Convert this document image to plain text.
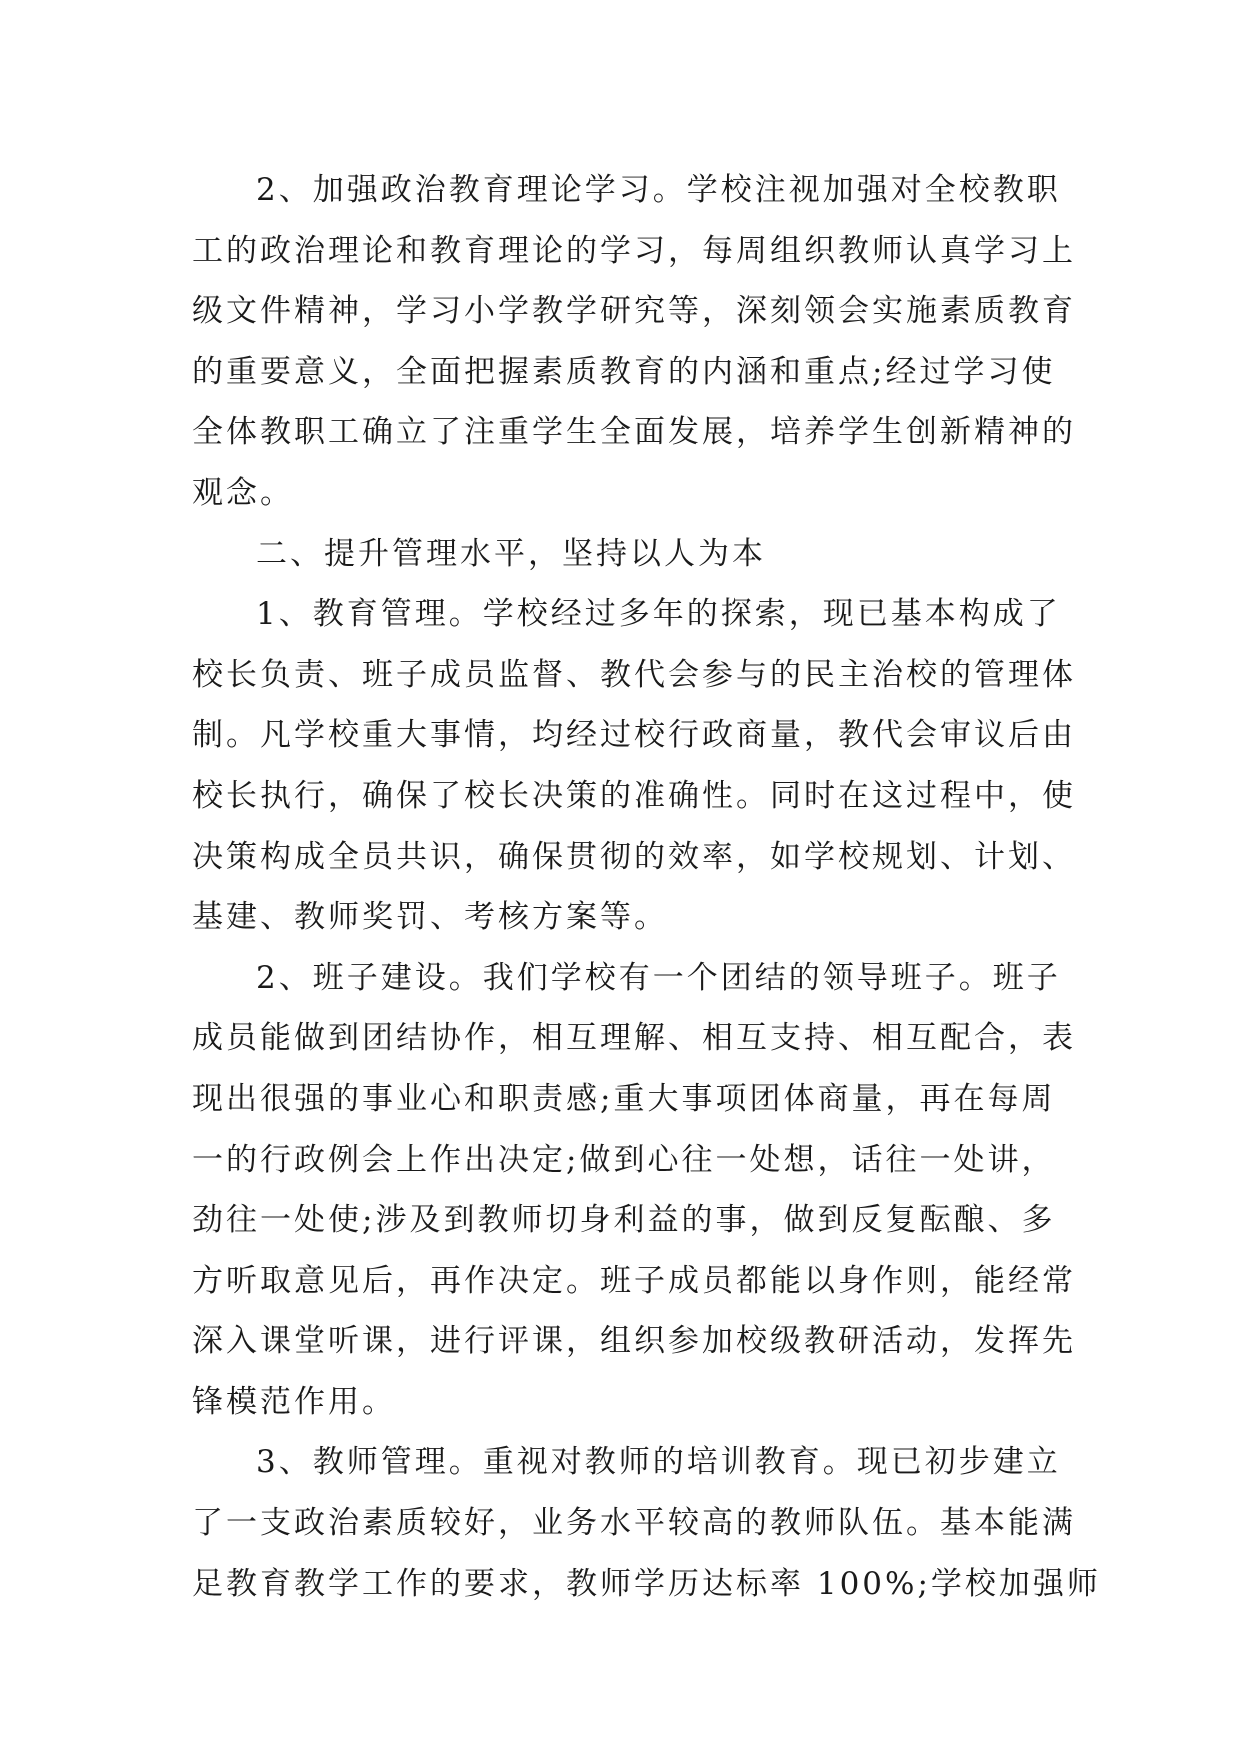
2、加强政治教育理论学习。学校注视加强对全校教职
工的政治理论和教育理论的学习，每周组织教师认真学习上
级文件精神，学习小学教学研究等，深刻领会实施素质教育
的重要意义，全面把握素质教育的内涵和重点;经过学习使
全体教职工确立了注重学生全面发展，培养学生创新精神的
观念。
二、提升管理水平，坚持以人为本
1、教育管理。学校经过多年的探索，现已基本构成了
校长负责、班子成员监督、教代会参与的民主治校的管理体
制。凡学校重大事情，均经过校行政商量，教代会审议后由
校长执行，确保了校长决策的准确性。同时在这过程中，使
决策构成全员共识，确保贯彻的效率，如学校规划、计划、
基建、教师奖罚、考核方案等。
2、班子建设。我们学校有一个团结的领导班子。班子
成员能做到团结协作，相互理解、相互支持、相互配合，表
现出很强的事业心和职责感;重大事项团体商量，再在每周
一的行政例会上作出决定;做到心往一处想，话往一处讲，
劲往一处使;涉及到教师切身利益的事，做到反复酝酿、多
方听取意见后，再作决定。班子成员都能以身作则，能经常
深入课堂听课，进行评课，组织参加校级教研活动，发挥先
锋模范作用。
3、教师管理。重视对教师的培训教育。现已初步建立
了一支政治素质较好，业务水平较高的教师队伍。基本能满
足教育教学工作的要求，教师学历达标率 100%;学校加强师
